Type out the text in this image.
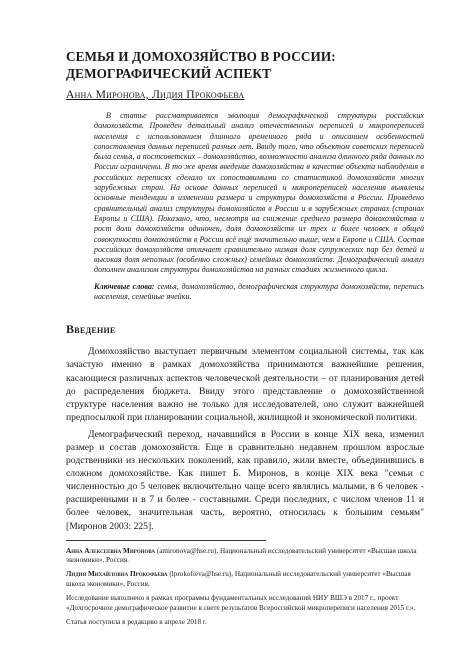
СЕМЬЯ И ДОМОХОЗЯЙСТВО В РОССИИ:
ДЕМОГРАФИЧЕСКИЙ АСПЕКТ
Анна Миронова, Лидия Прокофьева

В статье рассматривается эволюция демографической структуры российских домохозяйств. Проведен детальный анализ отечественных переписей и микропереписей населения с использованием длинного временного ряда и описанием особенностей сопоставления данных переписей разных лет. Ввиду того, что объектом советских переписей была семья, а постсоветских – домохозяйство, возможности анализа длинного ряда данных по России ограничены. В то же время введение домохозяйства в качестве объекта наблюдения в российских переписях сделало их сопоставимыми со статистикой домохозяйств многих зарубежных стран. На основе данных переписей и микропереписей населения выявлены основные тенденции в изменении размера и структуры домохозяйств в России. Проведено сравнительный анализ структуры домохозяйств в России и в зарубежных странах (странах Европы и США). Показано, что, несмотря на снижение среднего размера домохозяйства и рост доли домохозяйств одиночек, доля домохозяйств из трех и более человек в общей совокупности домохозяйств в России всё ещё значительно выше, чем в Европе и США. Состав российских домохозяйств отличает сравнительно низкая доля супружеских пар без детей и высокая доля непозных (особенно сложных) семейных домохозяйств. Демографический анализ дополнен анализом структуры домохозяйства на разных стадиях жизненного цикла.

Ключевые слова: семья, домохозяйство, демографическая структура домохозяйств, перепись населения, семейные ячейки.
Введение

Домохозяйство выступает первичным элементом социальной системы, так как зачастую именно в рамках домохозяйства принимаются важнейшие решения, касающиеся различных аспектов человеческой деятельности – от планирования детей до распределения бюджета. Ввиду этого представление о домохозяйственной структуре населения важно не только для исследователей, оно служит важнейшей предпосылкой при планировании социальной, жилищной и экономической политики.

Демографический переход, начавшийся в России в конце XIX века, изменил размер и состав домохозяйств. Еще в сравнительно недавнем прошлом взрослые родственники из нескольких поколений, как правило, жили вместе, объединившись в сложном домохозяйстве. Как пишет Б. Миронов, в конце XIX века "семьи с численностью до 5 человек включительно чаще всего являлись малыми, в 6 человек - расширенными и в 7 и более - составными. Среди последних, с числом членов 11 и более человек, значительная часть, вероятно, относилась к большим семьям" [Миронов 2003: 225].

Анна Алексеевна Миронова (amironova@hse.ru), Национальный исследовательский университет «Высшая школа экономики», Россия.

Лидия Михайловна Прокофьева (lprokofieva@hse.ru), Национальный исследовательский университет «Высшая школа экономики», Россия.

Исследование выполнено в рамках программы фундаментальных исследований НИУ ВШЭ в 2017 г., проект «Долгосрочное демографическое развитие в свете результатов Всероссийской микропереписи населения 2015 г.».

Статья поступила в редакцию в апреле 2018 г.
